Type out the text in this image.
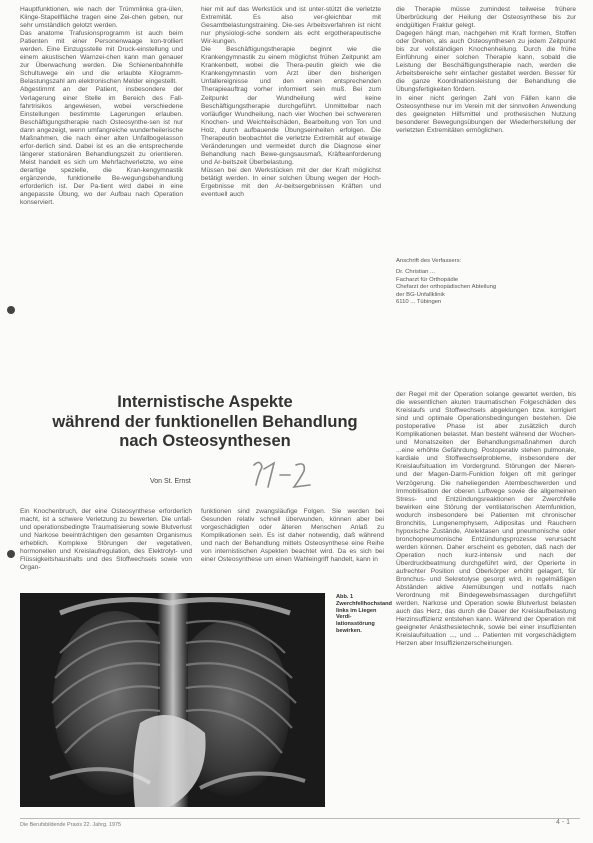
Hauptfunktionen, wie nach der Trümmlinka gra-ülen, Klinge-Stapellfläche tragen eine Zei-chen geben, nur sehr umständlich gelotzt werden.

Das anatome Trafusionsprogramm ist auch beim Patienten mit einer Personenwaage kon-trolliert werden. Eine Einzugsstelle mit Druck-einstellung und einem akustischen Warnzei-chen kann man genauer zur Überwachung werden. Die Schienenbahnhilfe Schultuwege ein und die erlaubte Kilogramm-Belastungszahl am elektronischen Melder eingestellt.

Abgestimmt an der Patient, insbesondere der Verlagerung einer Stelle im Bereich des Fall-fahrtrisikos angewiesen, wobei verschiedene Einstellungen bestimmte Lagerungen erlauben. Beschäftigungstherapie nach Osteosynthe-sen ist nur dann angezeigt, wenn umfangreiche wunderheilerische Maßnahmen, die nach einer alten Unfallbogelasson erfor-derlich sind. Dabei ist es an die entsprechende längerer stationären Behandlungszeit zu orientieren. Meist handelt es sich um Mehrfachverletzte, wo eine derartige spezielle, die Kran-kengymnastik ergänzende, funktionelle Be-wegungsbehandlung erforderlich ist. Der Pa-tient wird dabei in eine angepasste Übung, wo der Aufbau nach Operation konserviert.

hier mit auf das Werkstück und ist unter-stützt die verletzte Extremität. Es also ver-gleichbar mit Gesamtbelastungstraining. Die-ses Arbeitsverfahren ist nicht nur physiologi-sche sondern als echt ergotherapeutische Wir-kungen.

Die Beschäftigungstherapie beginnt wie die Krankengymnastik zu einem möglichst frühen Zeitpunkt am Krankenbett, wobei die Thera-peutin gleich wie die Krankengymnastin vom Arzt über den bisherigen Unfallereignisse und den einen entsprechenden Therapieauftrag vorher informiert sein muß. Bei zum Zeitpunkt der Wundheilung wird keine Beschäftigungstherapie durchgeführt. Unmittelbar nach vorläufiger Wundheilung, nach vier Wochen bei schwereren Knochen- und Weichteilschäden, Bearbeitung von Ton und Holz, durch aufbauende Übungseinheiten erfolgen. Die Therapeutin beobachtet die verletzte Extremität auf etwaige Veränderungen und vermeidet durch die Diagnose einer Behandlung nach Bewe-gungsausmaß, Kräfteanforderung und Ar-beitszeit Überbelastung.

Müssen bei den Werkstücken mit der der Kraft möglichst betätigt werden. In einer solchen Übung wegen der Hoch-Ergebnisse mit den Ar-beitsergebnissen Kräften und eventuell auch

die Therapie müsse zumindest teilweise frühere Überbrückung der Heilung der Osteosynthese bis zur endgültigen Fraktur gelegt.

Dagegen hängt man, nachgehen mit Kraft formen, Stoffen oder Drehen, als auch Osteosynthesen zu jedem Zeitpunkt bis zur vollständigen Knochenheilung. Durch die frühe Einführung einer solchen Therapie kann, sobald die Leistung der Beschäftigungstherapie nach, werden die Arbeitsbereiche sehr einfacher gestaltet werden. Besser für die ganze Koordinationsleistung der Behandlung die Übungsfertigkeiten fördern.

In einer nicht geringen Zahl von Fällen kann die Osteosynthese nur im Verein mit der sinnvollen Anwendung des geeigneten Hilfsmittel und prothesischen Nutzung besonderer Bewegungsübungen der Wiederherstellung der verletzten Extremitäten ermöglichen.

Anschrift des Verfassers:
Dr. Christian ...
Facharzt für Orthopädie
Chefarzt der orthopädischen Abteilung
der BG-Unfallklinik
6110 ... Tübingen
Internistische Aspekte
während der funktionellen Behandlung
nach Osteosynthesen
Von St. Ernst

Ein Knochenbruch, der eine Osteosynthese erforderlich macht, ist a schwere Verletzung zu bewerten. Die unfall- und operationsbedingte Traumatisierung sowie Blutverlust und Narkose beeinträchtigen den gesamten Organismus erheblich. Komplexe Störungen der vegetativen, hormonellen und Kreislaufregulation, des Elektrolyt- und Flüssigkeitshaushalts und des Stoffwechsels sowie von Organ-

funktionen sind zwangsläufige Folgen. Sie werden bei Gesunden relativ schnell überwunden, können aber bei vorgeschädigten oder älteren Menschen Anlaß zu Komplikationen sein. Es ist daher notwendig, daß während und nach der Behandlung mittels Osteosynthese eine Reihe von internistischen Aspekten beachtet wird. Da es sich bei einer Osteosynthese um einen Wahleingriff handelt, kann in

der Regel mit der Operation solange gewartet werden, bis die wesentlichen akuten traumatischen Folgeschäden des Kreislaufs und Stoffwechsels abgeklungen bzw. korrigiert sind und optimale Operationsbedingungen bestehen. Die postoperative Phase ist aber zusätzlich durch Komplikationen belastet. Man besteht während der Wochen- und Monatszeiten der Behandlungsmaßnahmen durch ...eine erhöhte Gefährdung. Postoperativ stehen pulmonale, kardiale und Stoffwechselprobleme, insbesondere der Kreislaufsituation im Vordergrund. Störungen der Nieren- und der Magen-Darm-Funktion folgen oft mit geringer Verzögerung. Die naheliegenden Atembeschwerden und Immobilisation der oberen Luftwege sowie die allgemeinen Stress- und Entzündungsreaktionen der Zwerchfelle bewirken eine Störung der ventilatorischen Atemfunktion, wodurch insbesondere bei Patienten mit chronischer Bronchitis, Lungenemphysem, Adipositas und Rauchern hypoxische Zustände, Atelektasen und pneumonische oder bronchopneumonische Entzündungsprozesse verursacht werden können. Daher erscheint es geboten, daß nach der Operation noch kurz-intensiv und nach der Überdruckbeatmung durchgeführt wird, der Operierte in aufrechter Position und Oberkörper erhöht gelagert, für Bronchus- und Sekretolyse gesorgt wird, in regelmäßigen Abständen aktive Atemübungen und notfalls nach Verordnung mit Bindegewebsmassagen durchgeführt werden. Narkose und Operation sowie Blutverlust belasten auch das Herz, das durch die Dauer der Kreislaufbelastung Herzinsuffizienz entstehen kann. Während der Operation mit geeigneter Anästhesietechnik, sowie bei einer insuffizienten Kreislaufsituation ..., und ... Patienten mit vorgeschädigtem Herzen aber Insuffizienzerscheinungen.

Abb. 1
Zwerchfellhochstand links im Liegen Verdi-lationsstörung bewirken.
Die Berufsbildende Praxis 22. Jahrg. 1975	4 - 1
